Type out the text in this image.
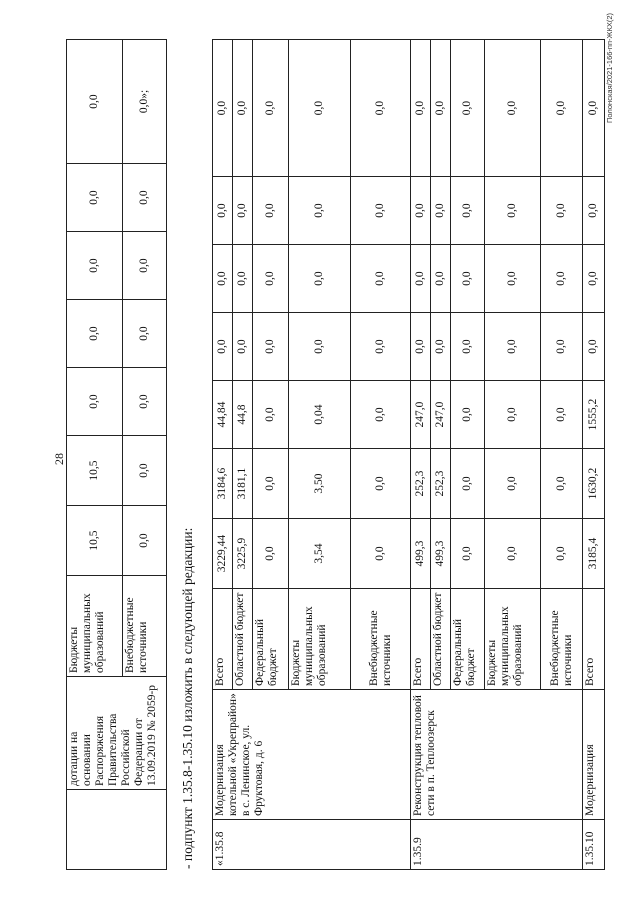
28
	дотации на основании Распоряжения Правительства Российской Федерации от 13.09.2019 № 2059-р	Бюджеты муниципальных образований	10,5	10,5	0,0	0,0	0,0	0,0	0,0
		Внебюджетные источники	0,0	0,0	0,0	0,0	0,0	0,0	0,0»;
- подпункт 1.35.8-1.35.10 изложить в следующей редакции: «1.35.8	Модернизация котельной «Укрепрайон» в с. Ленинское, ул. Фруктовая, д. 6	Всего	3229,44	3184,6	44,84	0,0	0,0	0,0	0,0
		Областной бюджет	3225,9	3181,1	44,8	0,0	0,0	0,0	0,0
		Федеральный бюджет	0,0	0,0	0,0	0,0	0,0	0,0	0,0
		Бюджеты муниципальных образований	3,54	3,50	0,04	0,0	0,0	0,0	0,0
		Внебюджетные источники	0,0	0,0	0,0	0,0	0,0	0,0	0,0
1.35.9	Реконструкция тепловой сети в п. Теплоозерск	Всего	499,3	252,3	247,0	0,0	0,0	0,0	0,0
		Областной бюджет	499,3	252,3	247,0	0,0	0,0	0,0	0,0
		Федеральный бюджет	0,0	0,0	0,0	0,0	0,0	0,0	0,0
		Бюджеты муниципальных образований	0,0	0,0	0,0	0,0	0,0	0,0	0,0
		Внебюджетные источники	0,0	0,0	0,0	0,0	0,0	0,0	0,0
1.35.10	Модернизация	Всего	3185,4	1630,2	1555,2	0,0	0,0	0,0	0,0 Полонская/2021-166-пп-ЖКХ(2)
